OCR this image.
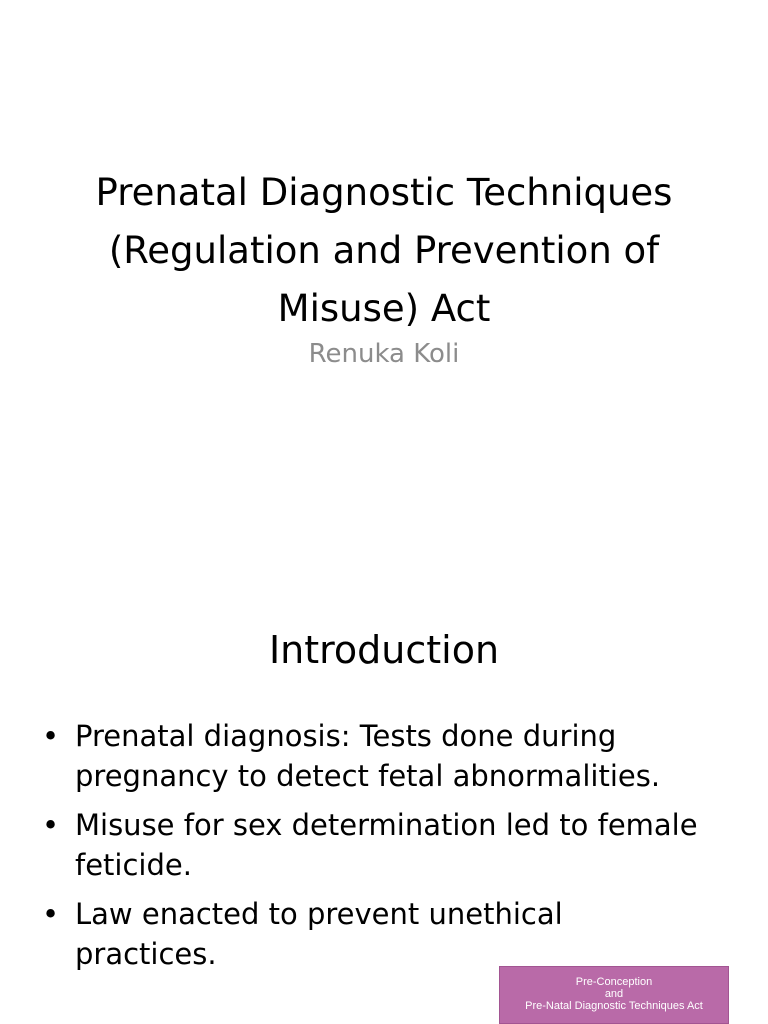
Prenatal Diagnostic Techniques
(Regulation and Prevention of
Misuse) Act

Renuka Koli

Introduction
• Prenatal diagnosis: Tests done during pregnancy to detect fetal abnormalities.
• Misuse for sex determination led to female feticide.
• Law enacted to prevent unethical practices.
Pre-Conception
and
Pre-Natal Diagnostic Techniques Act
